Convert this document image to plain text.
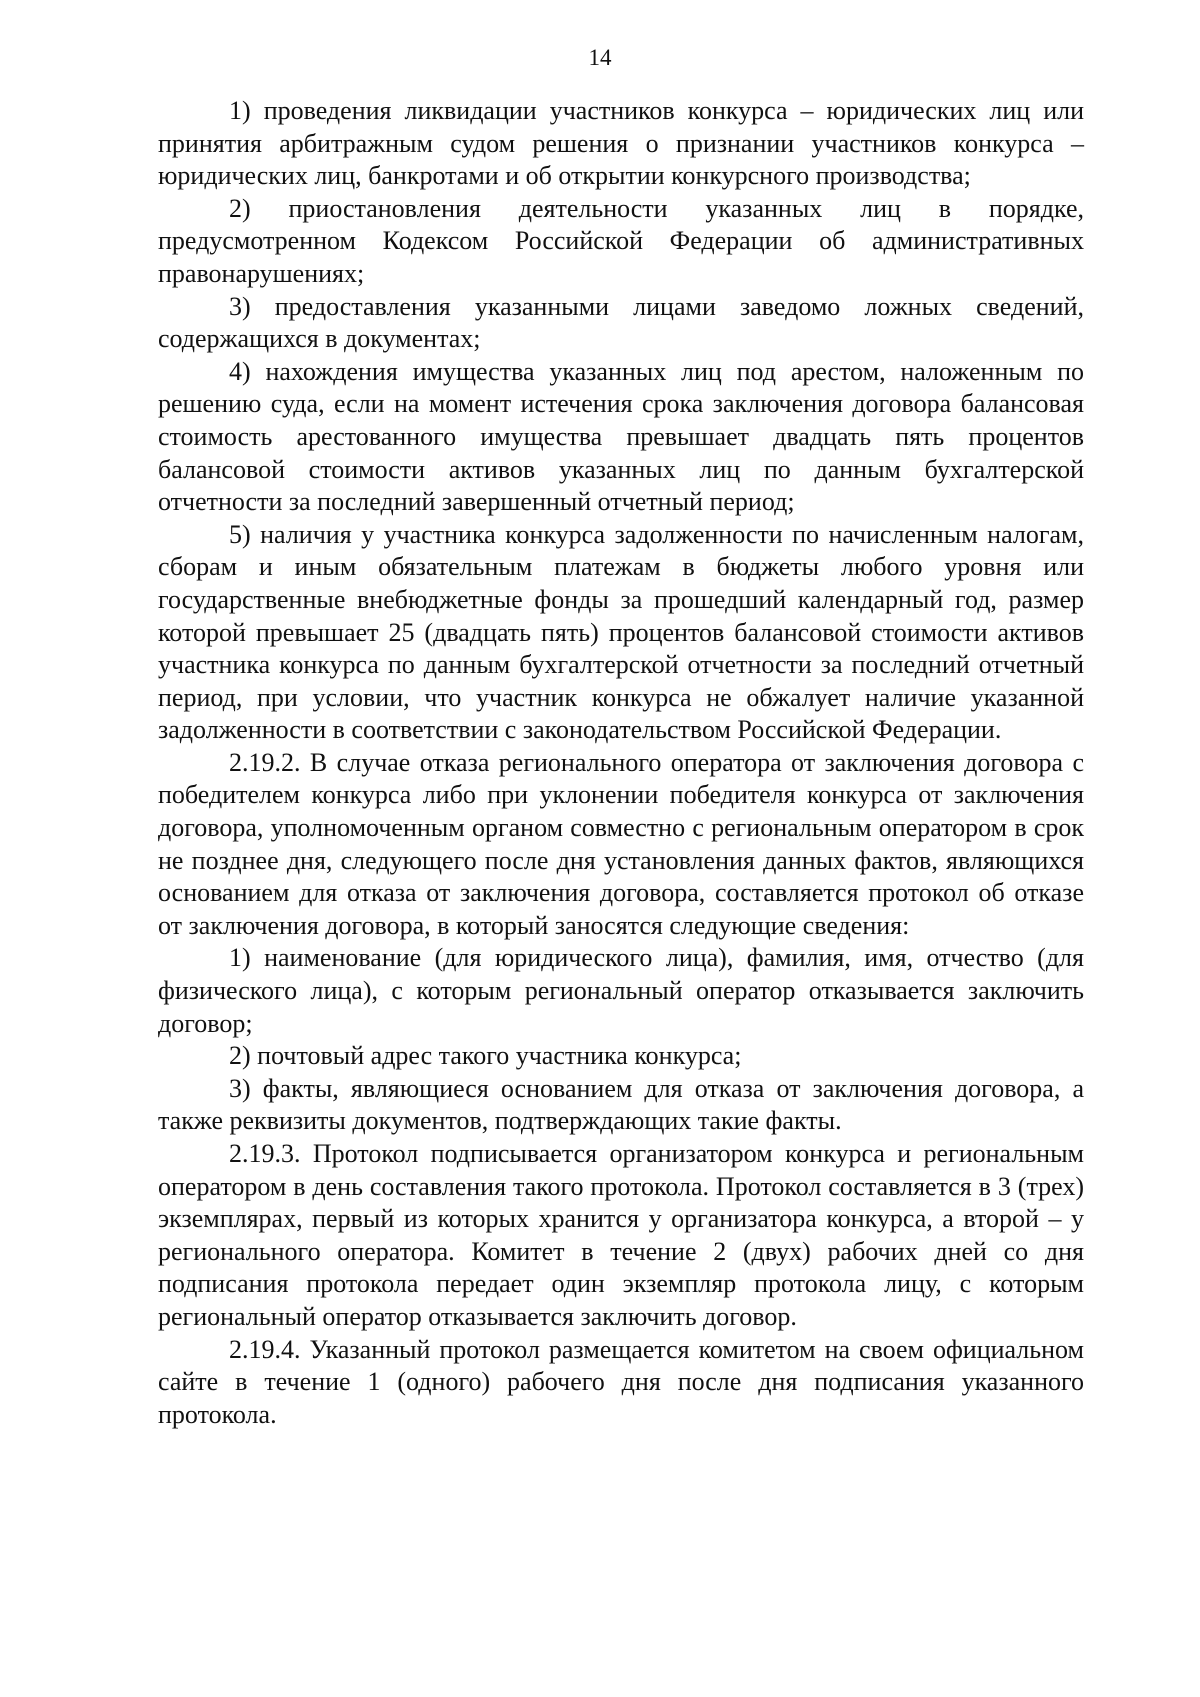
14

1) проведения ликвидации участников конкурса – юридических лиц или принятия арбитражным судом решения о признании участников конкурса – юридических лиц, банкротами и об открытии конкурсного производства;

2) приостановления деятельности указанных лиц в порядке, предусмотренном Кодексом Российской Федерации об административных правонарушениях;

3) предоставления указанными лицами заведомо ложных сведений, содержащихся в документах;

4) нахождения имущества указанных лиц под арестом, наложенным по решению суда, если на момент истечения срока заключения договора балансовая стоимость арестованного имущества превышает двадцать пять процентов балансовой стоимости активов указанных лиц по данным бухгалтерской отчетности за последний завершенный отчетный период;

5) наличия у участника конкурса задолженности по начисленным налогам, сборам и иным обязательным платежам в бюджеты любого уровня или государственные внебюджетные фонды за прошедший календарный год, размер которой превышает 25 (двадцать пять) процентов балансовой стоимости активов участника конкурса по данным бухгалтерской отчетности за последний отчетный период, при условии, что участник конкурса не обжалует наличие указанной задолженности в соответствии с законодательством Российской Федерации.

2.19.2. В случае отказа регионального оператора от заключения договора с победителем конкурса либо при уклонении победителя конкурса от заключения договора, уполномоченным органом совместно с региональным оператором в срок не позднее дня, следующего после дня установления данных фактов, являющихся основанием для отказа от заключения договора, составляется протокол об отказе от заключения договора, в который заносятся следующие сведения:

1) наименование (для юридического лица), фамилия, имя, отчество (для физического лица), с которым региональный оператор отказывается заключить договор;

2) почтовый адрес такого участника конкурса;

3) факты, являющиеся основанием для отказа от заключения договора, а также реквизиты документов, подтверждающих такие факты.

2.19.3. Протокол подписывается организатором конкурса и региональным оператором в день составления такого протокола. Протокол составляется в 3 (трех) экземплярах, первый из которых хранится у организатора конкурса, а второй – у регионального оператора. Комитет в течение 2 (двух) рабочих дней со дня подписания протокола передает один экземпляр протокола лицу, с которым региональный оператор отказывается заключить договор.

2.19.4. Указанный протокол размещается комитетом на своем официальном сайте в течение 1 (одного) рабочего дня после дня подписания указанного протокола.
